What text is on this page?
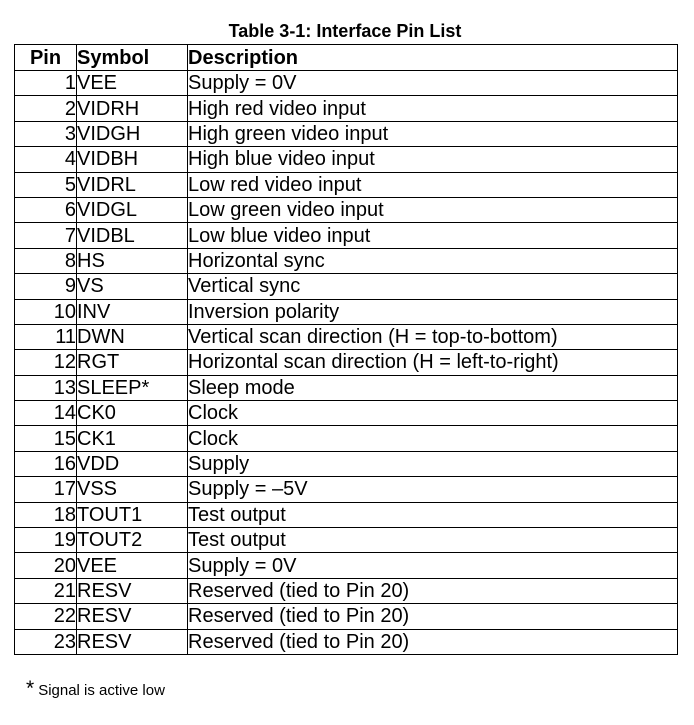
Table 3-1: Interface Pin List
Pin	Symbol	Description
1	VEE	Supply = 0V
2	VIDRH	High red video input
3	VIDGH	High green video input
4	VIDBH	High blue video input
5	VIDRL	Low red video input
6	VIDGL	Low green video input
7	VIDBL	Low blue video input
8	HS	Horizontal sync
9	VS	Vertical sync
10	INV	Inversion polarity
11	DWN	Vertical scan direction (H = top-to-bottom)
12	RGT	Horizontal scan direction (H = left-to-right)
13	SLEEP*	Sleep mode
14	CK0	Clock
15	CK1	Clock
16	VDD	Supply
17	VSS	Supply = –5V
18	TOUT1	Test output
19	TOUT2	Test output
20	VEE	Supply = 0V
21	RESV	Reserved (tied to Pin 20)
22	RESV	Reserved (tied to Pin 20)
23	RESV	Reserved (tied to Pin 20)
* Signal is active low
